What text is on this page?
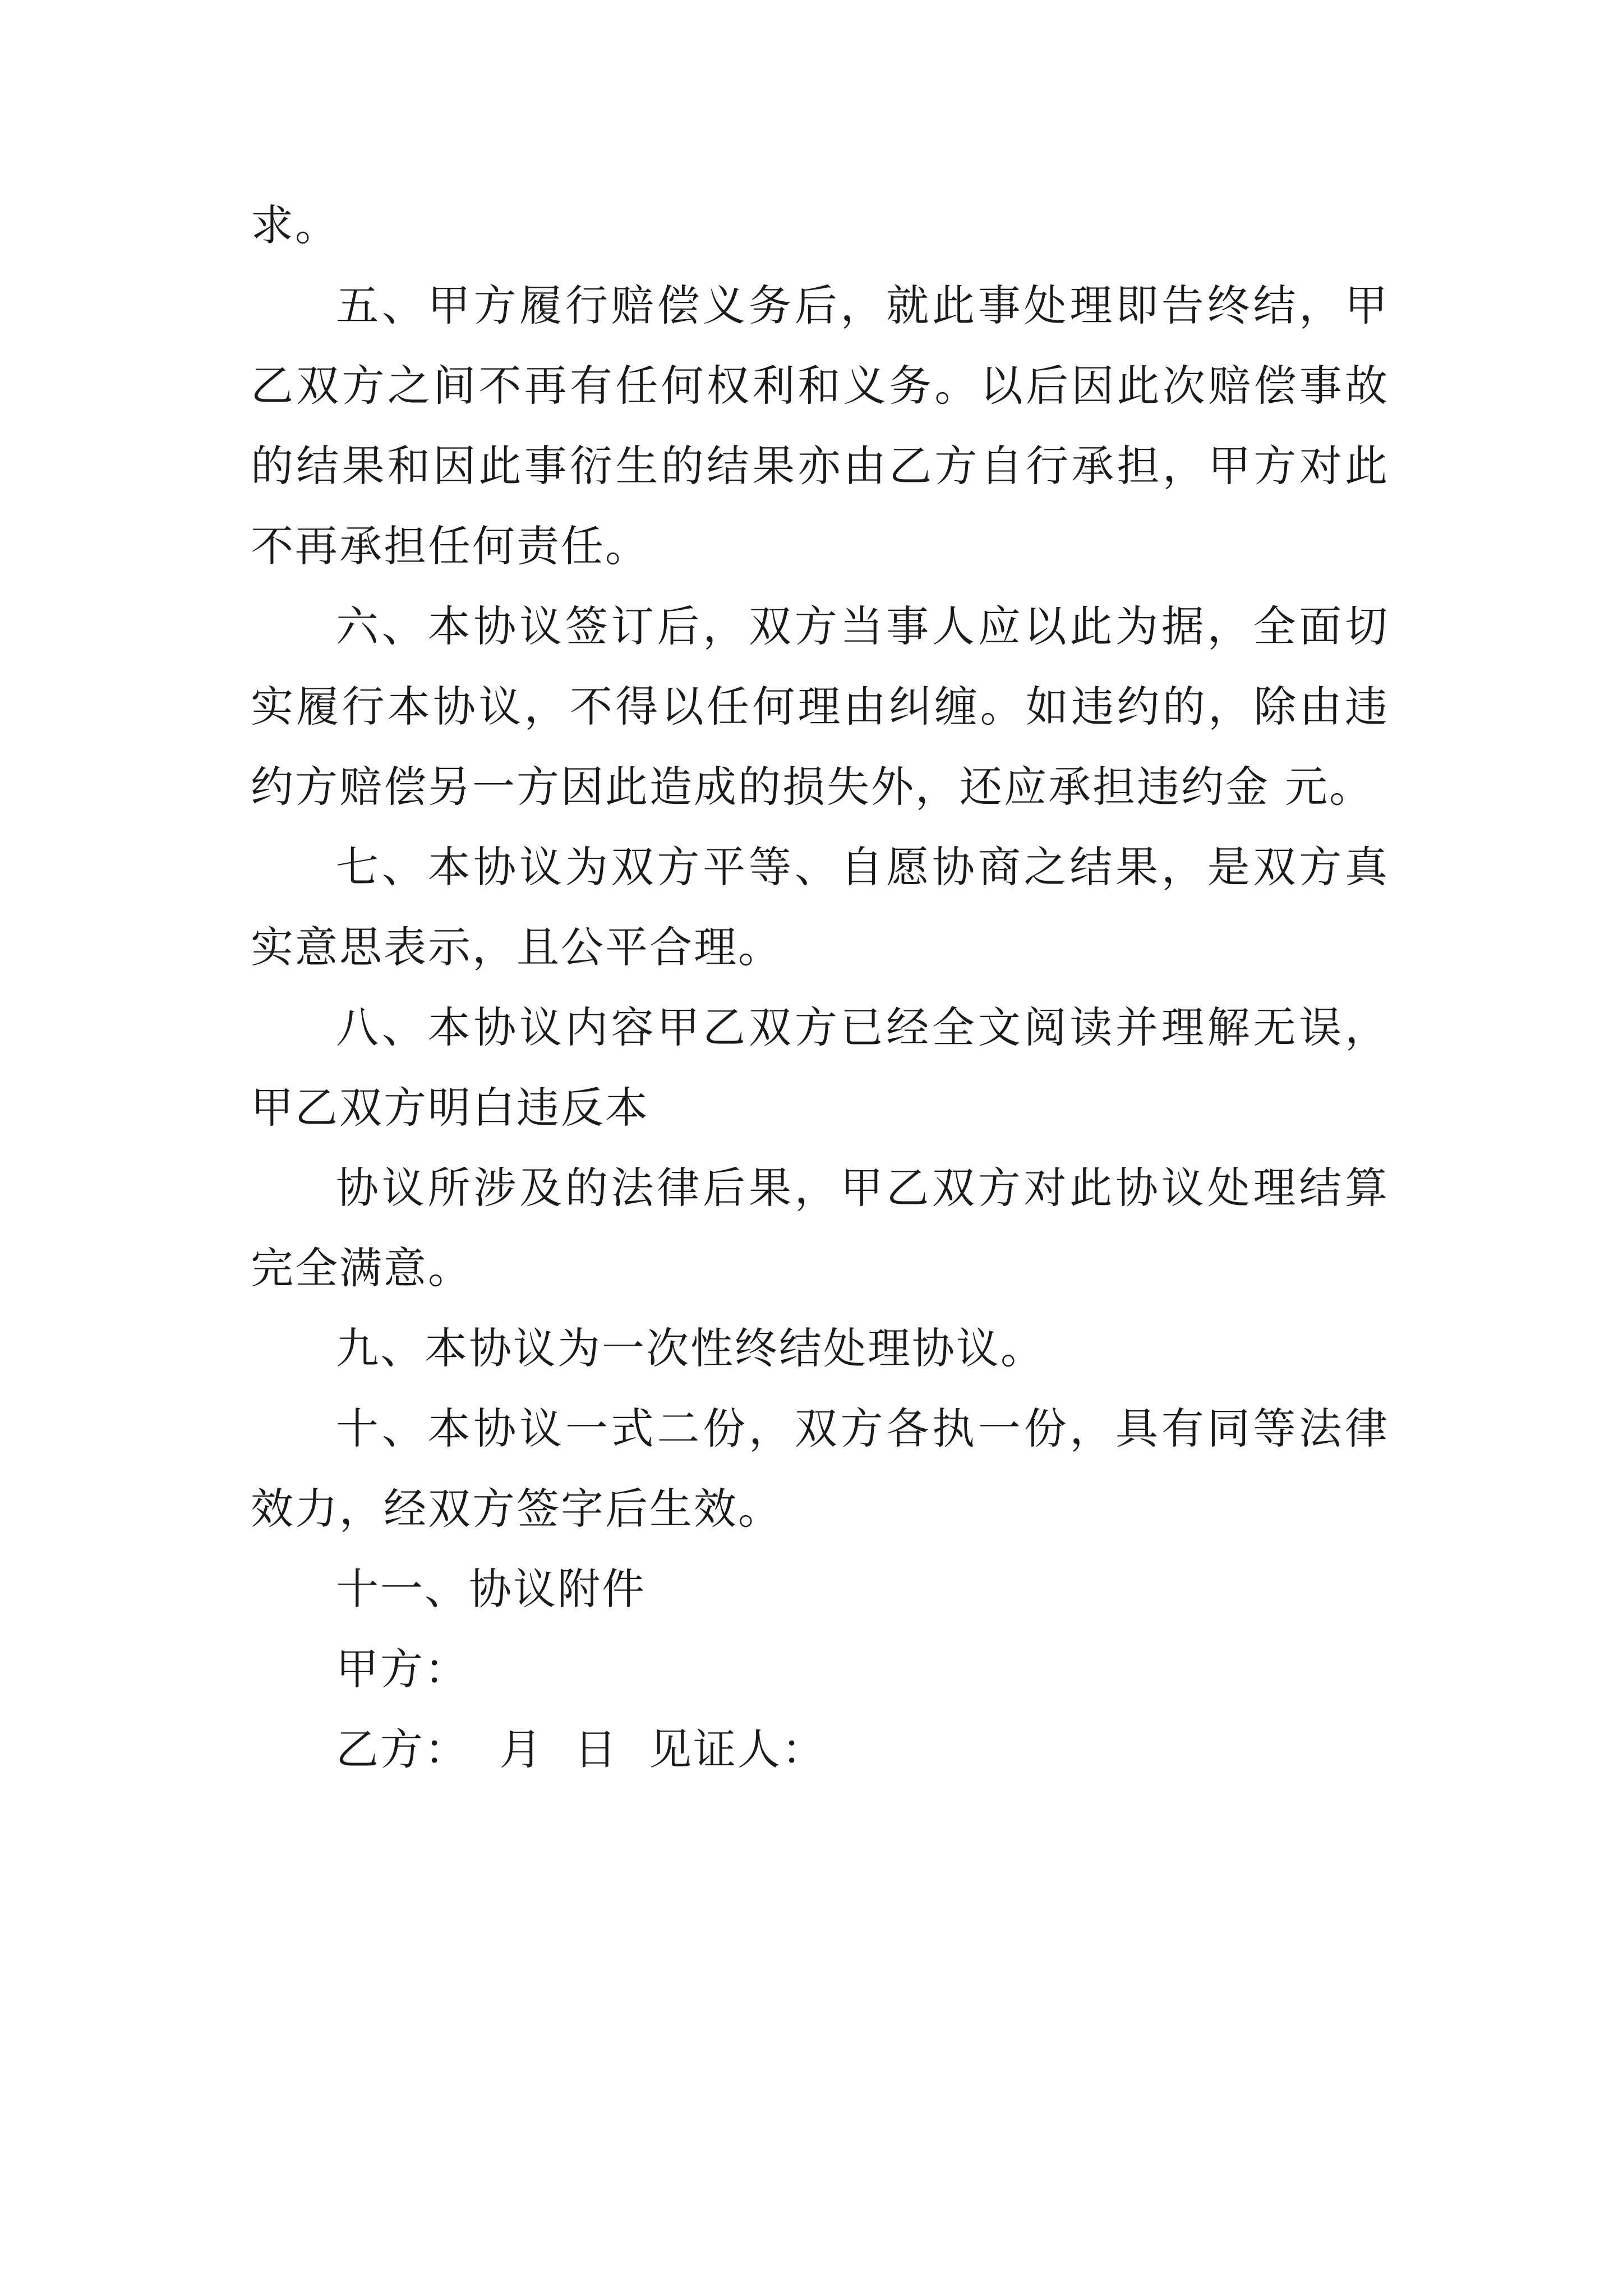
求。

五、甲方履行赔偿义务后，就此事处理即告终结，甲乙双方之间不再有任何权利和义务。以后因此次赔偿事故的结果和因此事衍生的结果亦由乙方自行承担，甲方对此不再承担任何责任。

六、本协议签订后，双方当事人应以此为据，全面切实履行本协议，不得以任何理由纠缠。如违约的，除由违约方赔偿另一方因此造成的损失外，还应承担违约金 元。

七、本协议为双方平等、自愿协商之结果，是双方真实意思表示，且公平合理。

八、本协议内容甲乙双方已经全文阅读并理解无误，甲乙双方明白违反本

协议所涉及的法律后果，甲乙双方对此协议处理结算完全满意。

九、本协议为一次性终结处理协议。

十、本协议一式二份，双方各执一份，具有同等法律效力，经双方签字后生效。

十一、协议附件

甲方：

乙方：  月  日  见证人：
